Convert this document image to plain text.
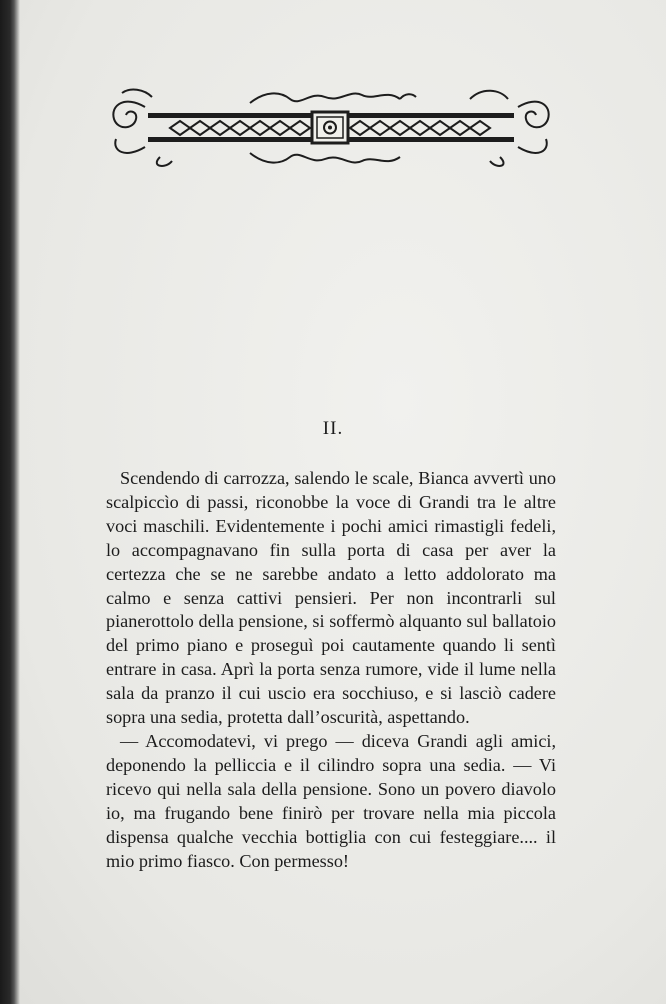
II.

Scendendo di carrozza, salendo le scale, Bianca avvertì uno scalpiccìo di passi, riconobbe la voce di Grandi tra le altre voci maschili. Evidentemente i pochi amici rimastigli fedeli, lo accompagnavano fin sulla porta di casa per aver la certezza che se ne sarebbe andato a letto addolorato ma calmo e senza cattivi pensieri. Per non incontrarli sul pianerottolo della pensione, si soffermò alquanto sul ballatoio del primo piano e proseguì poi cautamente quando li sentì entrare in casa. Aprì la porta senza rumore, vide il lume nella sala da pranzo il cui uscio era socchiuso, e si lasciò cadere sopra una sedia, protetta dall’oscurità, aspettando.

— Accomodatevi, vi prego — diceva Grandi agli amici, deponendo la pelliccia e il cilindro sopra una sedia. — Vi ricevo qui nella sala della pensione. Sono un povero diavolo io, ma frugando bene finirò per trovare nella mia piccola dispensa qualche vecchia bottiglia con cui festeggiare.... il mio primo fiasco. Con permesso!
